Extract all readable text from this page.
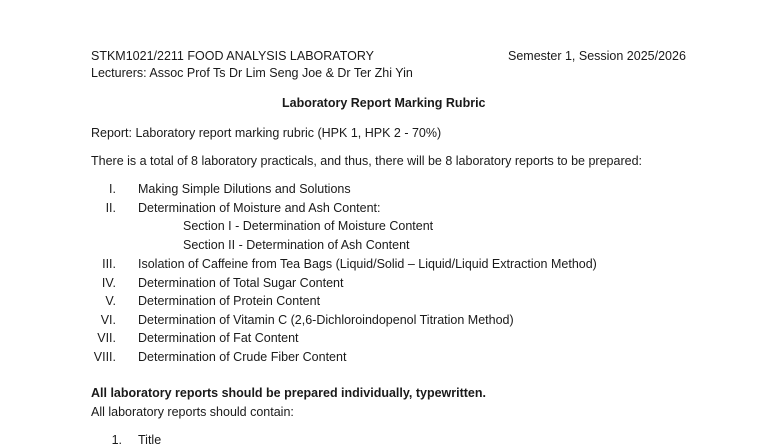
STKM1021/2211 FOOD ANALYSIS LABORATORY	Semester 1, Session 2025/2026
Lecturers: Assoc Prof Ts Dr Lim Seng Joe & Dr Ter Zhi Yin
Laboratory Report Marking Rubric
Report: Laboratory report marking rubric (HPK 1, HPK 2 - 70%)
There is a total of 8 laboratory practicals, and thus, there will be 8 laboratory reports to be prepared:
I. Making Simple Dilutions and Solutions
II. Determination of Moisture and Ash Content:
Section I - Determination of Moisture Content
Section II - Determination of Ash Content
III. Isolation of Caffeine from Tea Bags (Liquid/Solid – Liquid/Liquid Extraction Method)
IV. Determination of Total Sugar Content
V. Determination of Protein Content
VI. Determination of Vitamin C (2,6-Dichloroindopenol Titration Method)
VII. Determination of Fat Content
VIII. Determination of Crude Fiber Content
All laboratory reports should be prepared individually, typewritten.
All laboratory reports should contain:
1. Title
